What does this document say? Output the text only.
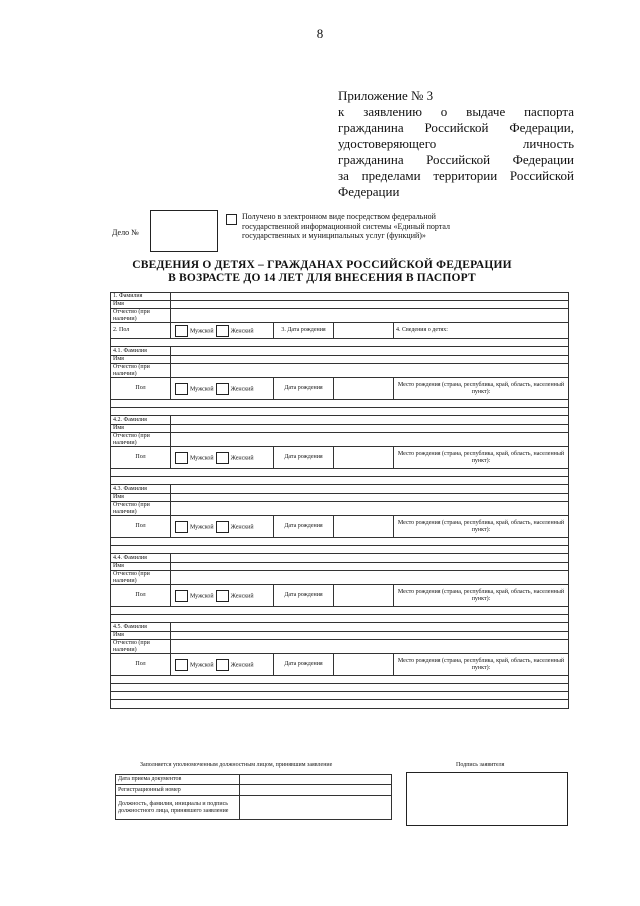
8
Приложение № 3
к заявлению о выдаче паспорта
гражданина Российской Федерации,
удостоверяющего личность
гражданина Российской Федерации
за пределами территории Российской
Федерации
Дело №
Получено в электронном виде посредством федеральной государственной информационной системы «Единый портал государственных и муниципальных услуг (функций)»
СВЕДЕНИЯ О ДЕТЯХ – ГРАЖДАНАХ РОССИЙСКОЙ ФЕДЕРАЦИИ
В ВОЗРАСТЕ ДО 14 ЛЕТ ДЛЯ ВНЕСЕНИЯ В ПАСПОРТ
1. Фамилия				
Имя				
Отчество (при наличии)				
2. Пол	Мужской Женский	3. Дата рождения		4. Сведения о детях:

4.1. Фамилия				
Имя				
Отчество (при наличии)				
Пол	Мужской Женский	Дата рождения		Место рождения (страна, республика, край, область, населенный пункт):

4.2. Фамилия				
Имя				
Отчество (при наличии)				
Пол	Мужской Женский	Дата рождения		Место рождения (страна, республика, край, область, населенный пункт):

4.3. Фамилия				
Имя				
Отчество (при наличии)				
Пол	Мужской Женский	Дата рождения		Место рождения (страна, республика, край, область, населенный пункт):

4.4. Фамилия				
Имя				
Отчество (при наличии)				
Пол	Мужской Женский	Дата рождения		Место рождения (страна, республика, край, область, населенный пункт):

4.5. Фамилия				
Имя				
Отчество (при наличии)				
Пол	Мужской Женский	Дата рождения		Место рождения (страна, республика, край, область, населенный пункт):

Заполняется уполномоченным должностным лицом, принявшим заявление	Подпись заявителя
Дата приема документов	
Регистрационный номер	
Должность, фамилия, инициалы и подпись должностного лица, принявшего заявление	
